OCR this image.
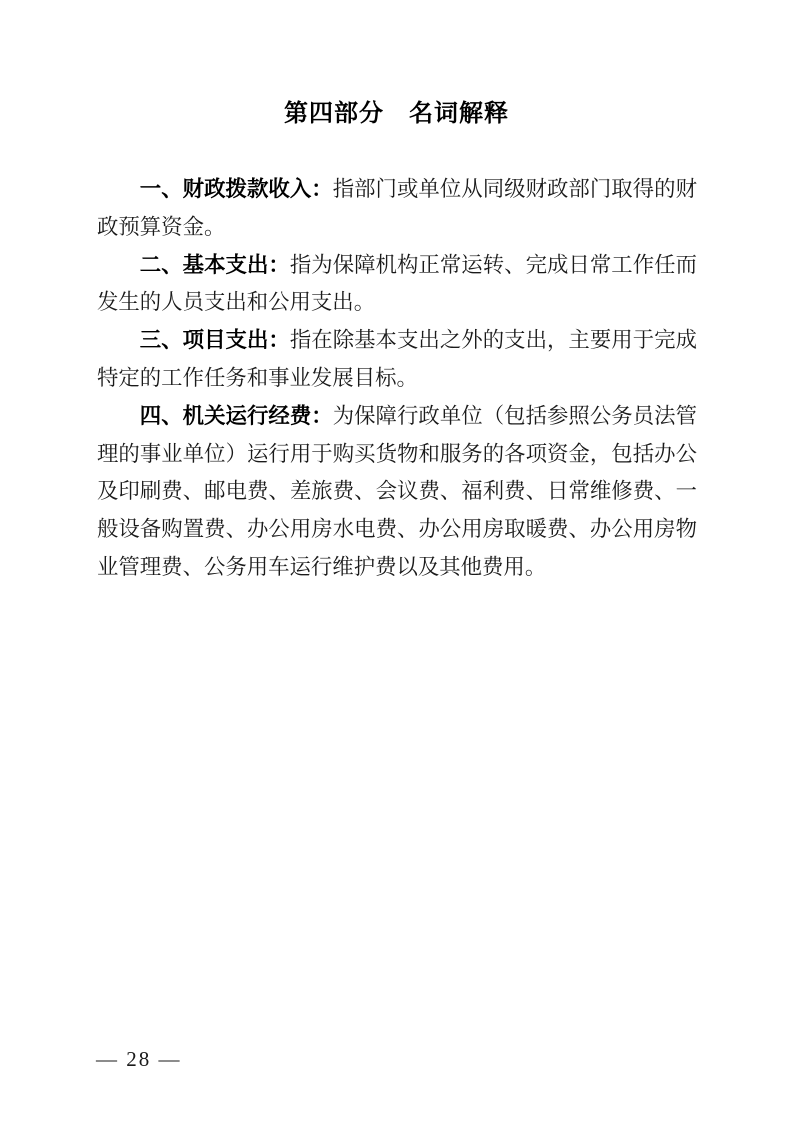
第四部分　名词解释

一、财政拨款收入：指部门或单位从同级财政部门取得的财政预算资金。

二、基本支出：指为保障机构正常运转、完成日常工作任而发生的人员支出和公用支出。

三、项目支出：指在除基本支出之外的支出，主要用于完成特定的工作任务和事业发展目标。

四、机关运行经费：为保障行政单位（包括参照公务员法管理的事业单位）运行用于购买货物和服务的各项资金，包括办公及印刷费、邮电费、差旅费、会议费、福利费、日常维修费、一般设备购置费、办公用房水电费、办公用房取暖费、办公用房物业管理费、公务用车运行维护费以及其他费用。

— 28 —
